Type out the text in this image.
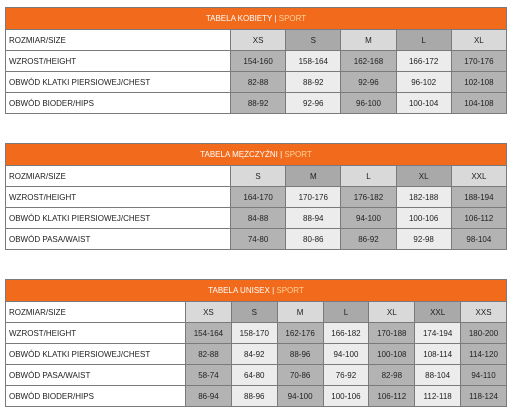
TABELA KOBIETY | SPORT					
ROZMIAR/SIZE	XS	S	M	L	XL
WZROST/HEIGHT	154-160	158-164	162-168	166-172	170-176
OBWÓD KLATKI PIERSIOWEJ/CHEST	82-88	88-92	92-96	96-102	102-108
OBWÓD BIODER/HIPS	88-92	92-96	96-100	100-104	104-108
TABELA MĘŻCZYŹNI | SPORT					
ROZMIAR/SIZE	S	M	L	XL	XXL
WZROST/HEIGHT	164-170	170-176	176-182	182-188	188-194
OBWÓD KLATKI PIERSIOWEJ/CHEST	84-88	88-94	94-100	100-106	106-112
OBWÓD PASA/WAIST	74-80	80-86	86-92	92-98	98-104
TABELA UNISEX | SPORT							
ROZMIAR/SIZE	XS	S	M	L	XL	XXL	XXS
WZROST/HEIGHT	154-164	158-170	162-176	166-182	170-188	174-194	180-200
OBWÓD KLATKI PIERSIOWEJ/CHEST	82-88	84-92	88-96	94-100	100-108	108-114	114-120
OBWÓD PASA/WAIST	58-74	64-80	70-86	76-92	82-98	88-104	94-110
OBWÓD BIODER/HIPS	86-94	88-96	94-100	100-106	106-112	112-118	118-124
